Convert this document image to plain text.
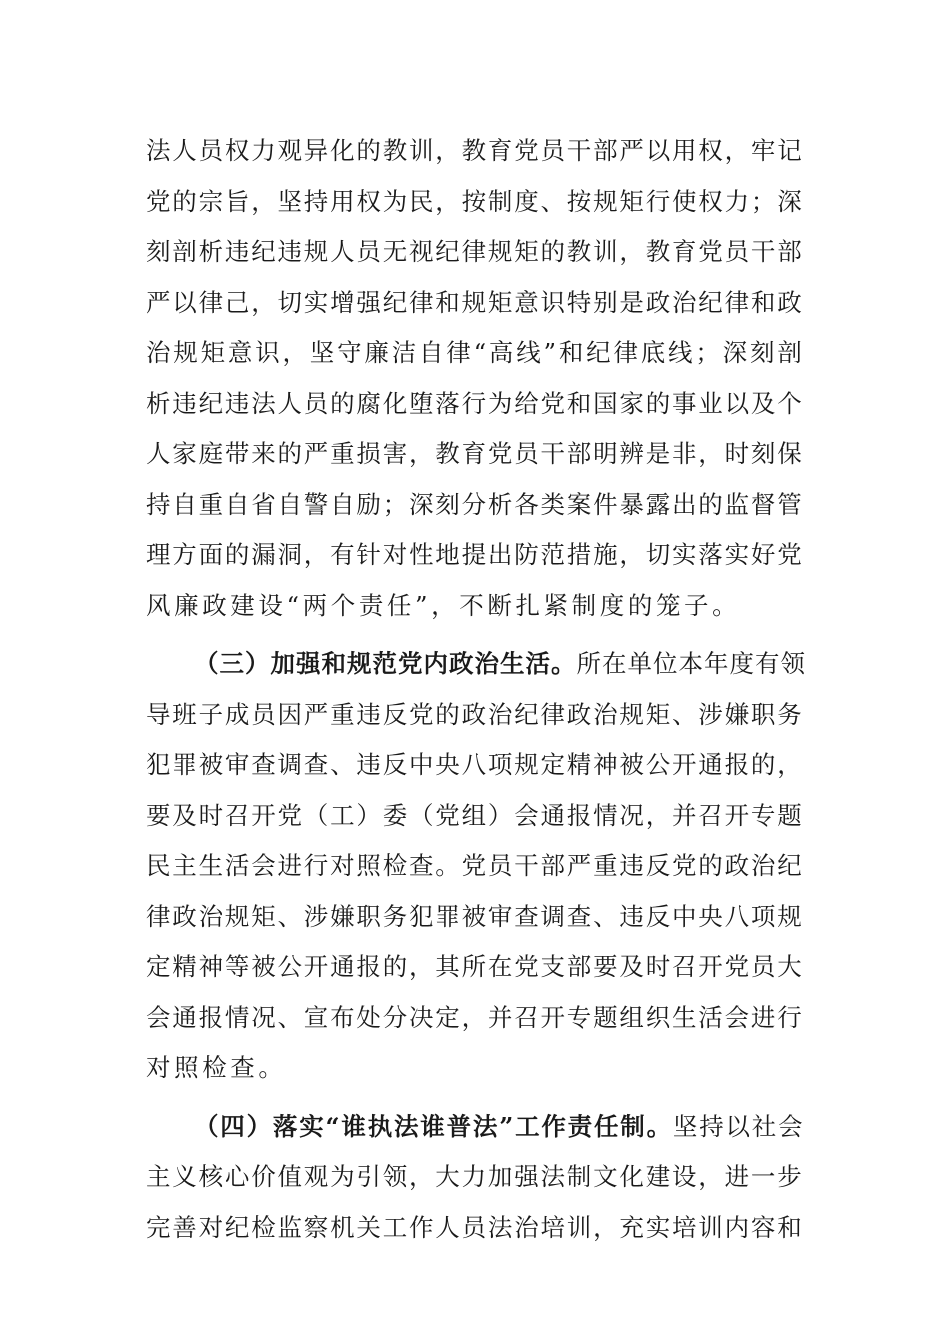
法人员权力观异化的教训，教育党员干部严以用权，牢记
党的宗旨，坚持用权为民，按制度、按规矩行使权力；深
刻剖析违纪违规人员无视纪律规矩的教训，教育党员干部
严以律己，切实增强纪律和规矩意识特别是政治纪律和政
治规矩意识，坚守廉洁自律“高线”和纪律底线；深刻剖
析违纪违法人员的腐化堕落行为给党和国家的事业以及个
人家庭带来的严重损害，教育党员干部明辨是非，时刻保
持自重自省自警自励；深刻分析各类案件暴露出的监督管
理方面的漏洞，有针对性地提出防范措施，切实落实好党
风廉政建设“两个责任”，不断扎紧制度的笼子。
（三）加强和规范党内政治生活。所在单位本年度有领
导班子成员因严重违反党的政治纪律政治规矩、涉嫌职务
犯罪被审查调查、违反中央八项规定精神被公开通报的，
要及时召开党（工）委（党组）会通报情况，并召开专题
民主生活会进行对照检查。党员干部严重违反党的政治纪
律政治规矩、涉嫌职务犯罪被审查调查、违反中央八项规
定精神等被公开通报的，其所在党支部要及时召开党员大
会通报情况、宣布处分决定，并召开专题组织生活会进行
对照检查。
（四）落实“谁执法谁普法”工作责任制。坚持以社会
主义核心价值观为引领，大力加强法制文化建设，进一步
完善对纪检监察机关工作人员法治培训，充实培训内容和
